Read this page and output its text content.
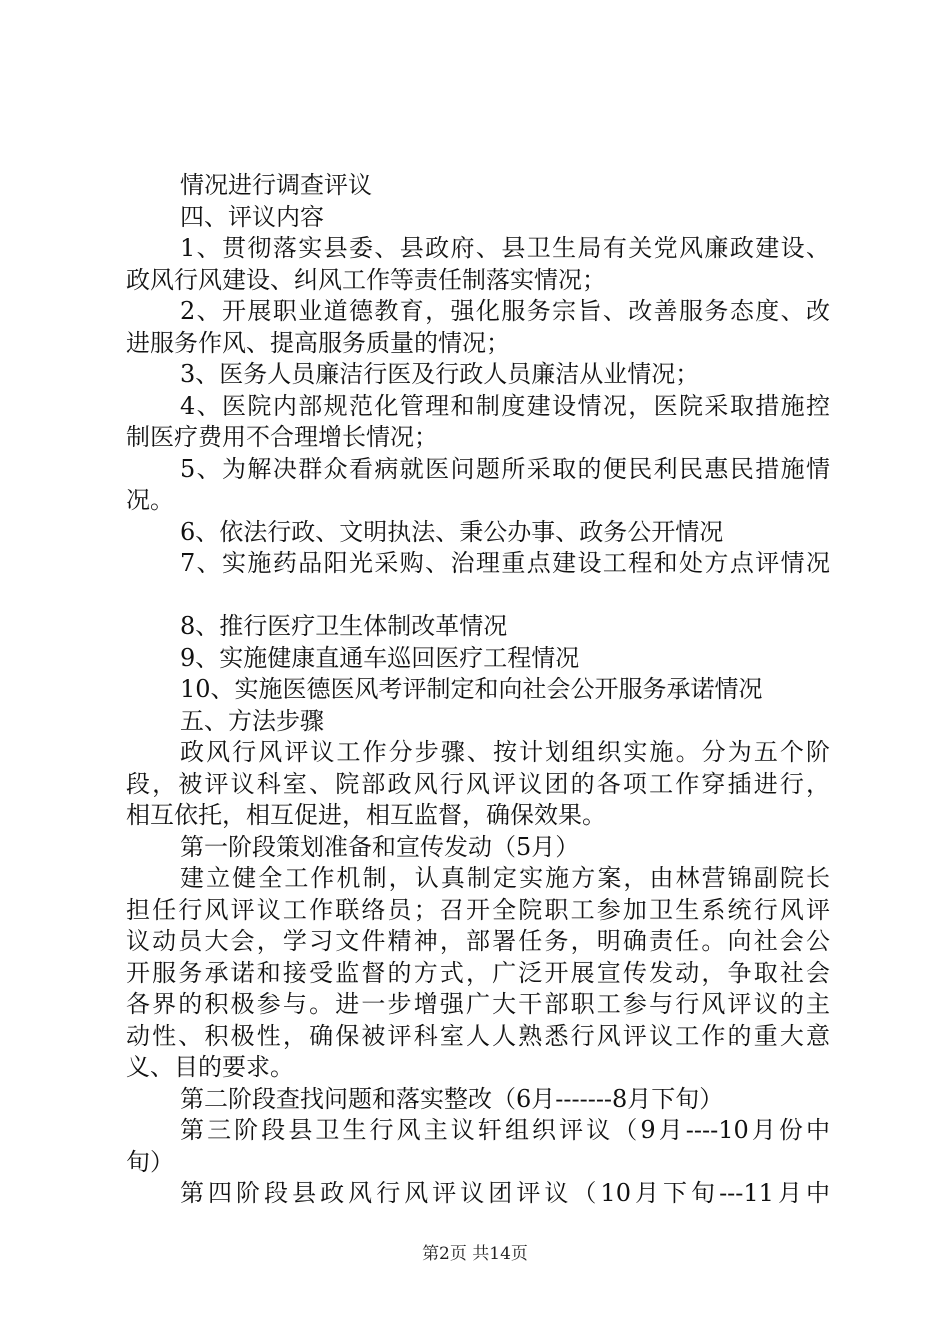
情况进行调查评议
四、评议内容
1、贯彻落实县委、县政府、县卫生局有关党风廉政建设、
政风行风建设、纠风工作等责任制落实情况；
2、开展职业道德教育，强化服务宗旨、改善服务态度、改
进服务作风、提高服务质量的情况；
3、医务人员廉洁行医及行政人员廉洁从业情况；
4、医院内部规范化管理和制度建设情况，医院采取措施控
制医疗费用不合理增长情况；
5、为解决群众看病就医问题所采取的便民利民惠民措施情
况。
6、依法行政、文明执法、秉公办事、政务公开情况
7、实施药品阳光采购、治理重点建设工程和处方点评情况
8、推行医疗卫生体制改革情况
9、实施健康直通车巡回医疗工程情况
10、实施医德医风考评制定和向社会公开服务承诺情况
五、方法步骤
政风行风评议工作分步骤、按计划组织实施。分为五个阶
段，被评议科室、院部政风行风评议团的各项工作穿插进行，
相互依托，相互促进，相互监督，确保效果。
第一阶段策划准备和宣传发动（5月）
建立健全工作机制，认真制定实施方案，由林营锦副院长
担任行风评议工作联络员；召开全院职工参加卫生系统行风评
议动员大会，学习文件精神，部署任务，明确责任。向社会公
开服务承诺和接受监督的方式，广泛开展宣传发动，争取社会
各界的积极参与。进一步增强广大干部职工参与行风评议的主
动性、积极性，确保被评科室人人熟悉行风评议工作的重大意
义、目的要求。
第二阶段查找问题和落实整改（6月-------8月下旬）
第三阶段县卫生行风主议轩组织评议（9月----10月份中
旬）
第四阶段县政风行风评议团评议（10月下旬---11月中
第2页 共14页
